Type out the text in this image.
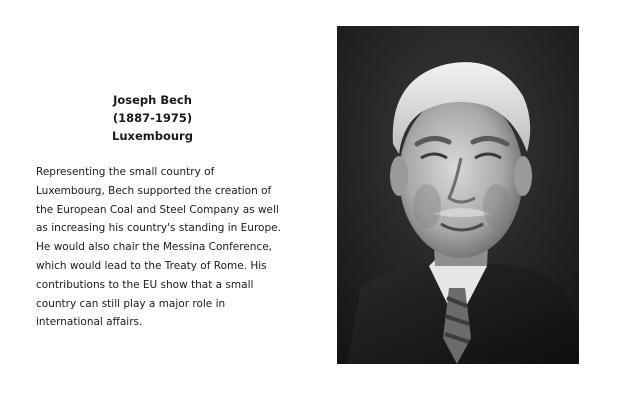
Joseph Bech
(1887-1975)
Luxembourg
Representing the small country of
Luxembourg, Bech supported the creation of
the European Coal and Steel Company as well
as increasing his country's standing in Europe.
He would also chair the Messina Conference,
which would lead to the Treaty of Rome. His
contributions to the EU show that a small
country can still play a major role in
international affairs.
